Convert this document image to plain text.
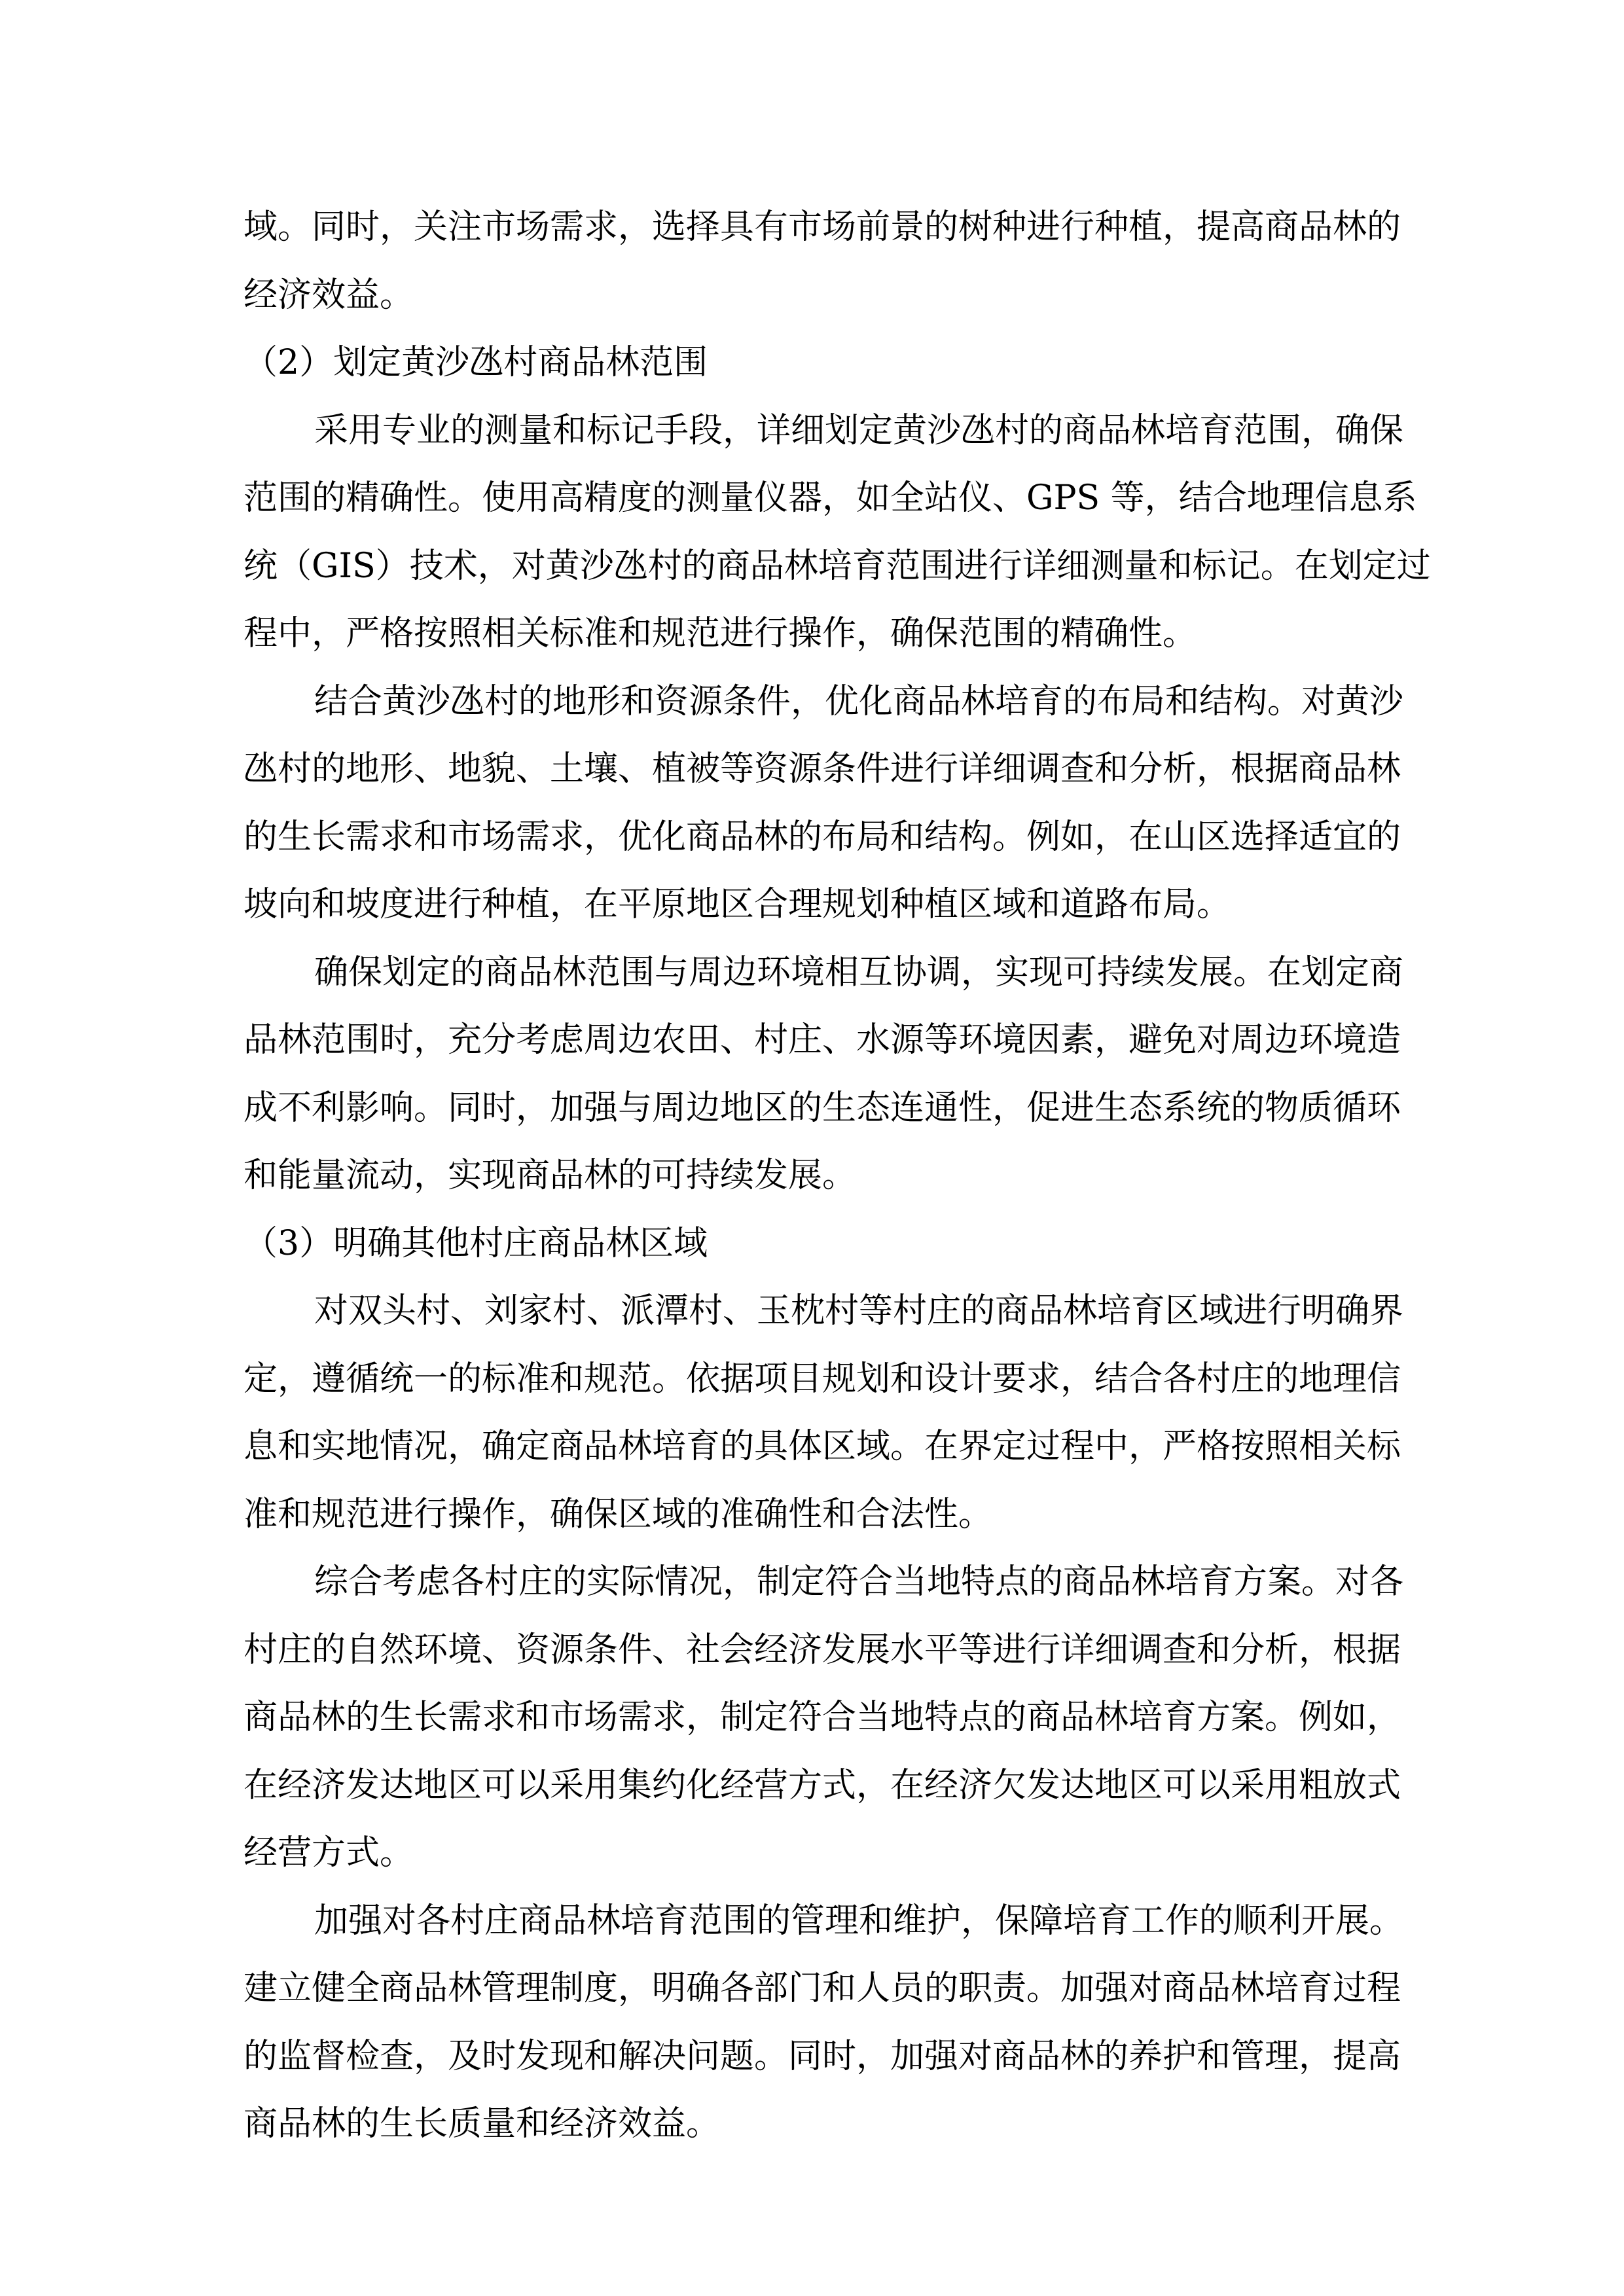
域。同时，关注市场需求，选择具有市场前景的树种进行种植，提高商品林的
经济效益。
（2）划定黄沙氹村商品林范围
采用专业的测量和标记手段，详细划定黄沙氹村的商品林培育范围，确保
范围的精确性。使用高精度的测量仪器，如全站仪、GPS 等，结合地理信息系
统（GIS）技术，对黄沙氹村的商品林培育范围进行详细测量和标记。在划定过
程中，严格按照相关标准和规范进行操作，确保范围的精确性。
结合黄沙氹村的地形和资源条件，优化商品林培育的布局和结构。对黄沙
氹村的地形、地貌、土壤、植被等资源条件进行详细调查和分析，根据商品林
的生长需求和市场需求，优化商品林的布局和结构。例如，在山区选择适宜的
坡向和坡度进行种植，在平原地区合理规划种植区域和道路布局。
确保划定的商品林范围与周边环境相互协调，实现可持续发展。在划定商
品林范围时，充分考虑周边农田、村庄、水源等环境因素，避免对周边环境造
成不利影响。同时，加强与周边地区的生态连通性，促进生态系统的物质循环
和能量流动，实现商品林的可持续发展。
（3）明确其他村庄商品林区域
对双头村、刘家村、派潭村、玉枕村等村庄的商品林培育区域进行明确界
定，遵循统一的标准和规范。依据项目规划和设计要求，结合各村庄的地理信
息和实地情况，确定商品林培育的具体区域。在界定过程中，严格按照相关标
准和规范进行操作，确保区域的准确性和合法性。
综合考虑各村庄的实际情况，制定符合当地特点的商品林培育方案。对各
村庄的自然环境、资源条件、社会经济发展水平等进行详细调查和分析，根据
商品林的生长需求和市场需求，制定符合当地特点的商品林培育方案。例如，
在经济发达地区可以采用集约化经营方式，在经济欠发达地区可以采用粗放式
经营方式。
加强对各村庄商品林培育范围的管理和维护，保障培育工作的顺利开展。
建立健全商品林管理制度，明确各部门和人员的职责。加强对商品林培育过程
的监督检查，及时发现和解决问题。同时，加强对商品林的养护和管理，提高
商品林的生长质量和经济效益。
